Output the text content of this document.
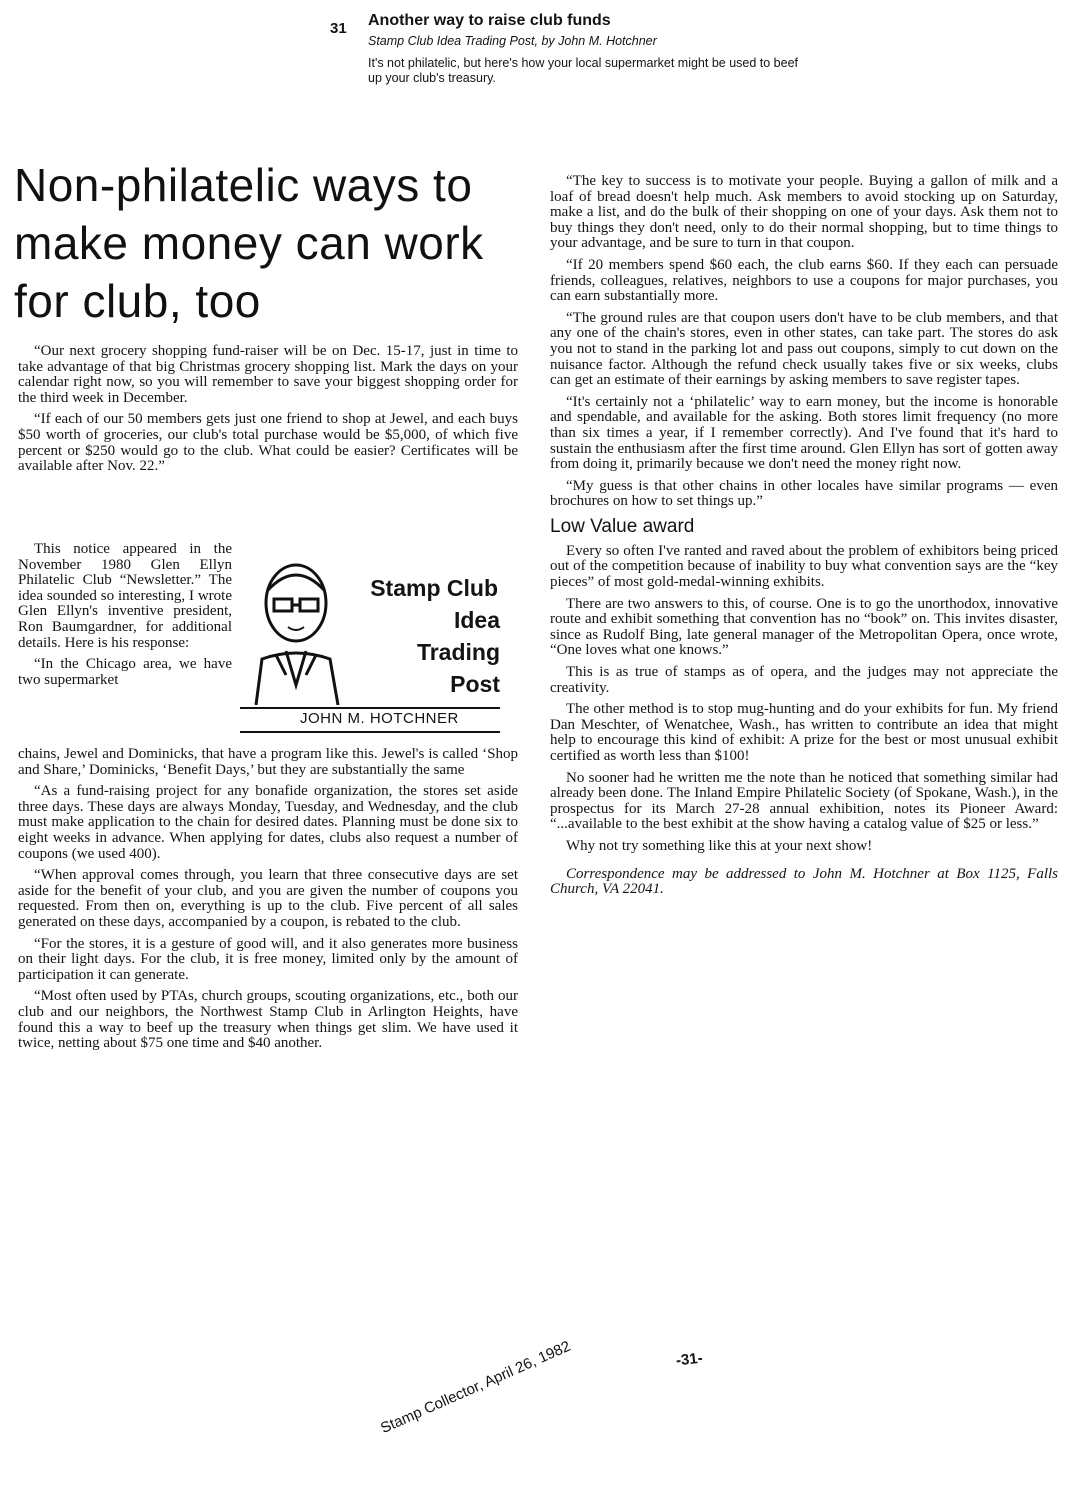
31 Another way to raise club funds
Stamp Club Idea Trading Post, by John M. Hotchner
It's not philatelic, but here's how your local supermarket might be used to beef up your club's treasury.
Non-philatelic ways to make money can work for club, too

“Our next grocery shopping fund-raiser will be on Dec. 15-17, just in time to take advantage of that big Christmas grocery shopping list. Mark the days on your calendar right now, so you will remember to save your biggest shopping order for the third week in December.

“If each of our 50 members gets just one friend to shop at Jewel, and each buys $50 worth of groceries, our club's total purchase would be $5,000, of which five percent or $250 would go to the club. What could be easier? Certificates will be available after Nov. 22.”

This notice appeared in the November 1980 Glen Ellyn Philatelic Club “Newsletter.” The idea sounded so interesting, I wrote Glen Ellyn's inventive president, Ron Baumgardner, for additional details. Here is his response:

“In the Chicago area, we have two supermarket

Stamp Club
Idea
Trading
Post
JOHN M. HOTCHNER

chains, Jewel and Dominicks, that have a program like this. Jewel's is called ‘Shop and Share,’ Dominicks, ‘Benefit Days,’ but they are substantially the same

“As a fund-raising project for any bonafide organization, the stores set aside three days. These days are always Monday, Tuesday, and Wednesday, and the club must make application to the chain for desired dates. Planning must be done six to eight weeks in advance. When applying for dates, clubs also request a number of coupons (we used 400).

“When approval comes through, you learn that three consecutive days are set aside for the benefit of your club, and you are given the number of coupons you requested. From then on, everything is up to the club. Five percent of all sales generated on these days, accompanied by a coupon, is rebated to the club.

“For the stores, it is a gesture of good will, and it also generates more business on their light days. For the club, it is free money, limited only by the amount of participation it can generate.

“Most often used by PTAs, church groups, scouting organizations, etc., both our club and our neighbors, the Northwest Stamp Club in Arlington Heights, have found this a way to beef up the treasury when things get slim. We have used it twice, netting about $75 one time and $40 another.

“The key to success is to motivate your people. Buying a gallon of milk and a loaf of bread doesn't help much. Ask members to avoid stocking up on Saturday, make a list, and do the bulk of their shopping on one of your days. Ask them not to buy things they don't need, only to do their normal shopping, but to time things to your advantage, and be sure to turn in that coupon.

“If 20 members spend $60 each, the club earns $60. If they each can persuade friends, colleagues, relatives, neighbors to use a coupons for major purchases, you can earn substantially more.

“The ground rules are that coupon users don't have to be club members, and that any one of the chain's stores, even in other states, can take part. The stores do ask you not to stand in the parking lot and pass out coupons, simply to cut down on the nuisance factor. Although the refund check usually takes five or six weeks, clubs can get an estimate of their earnings by asking members to save register tapes.

“It's certainly not a ‘philatelic’ way to earn money, but the income is honorable and spendable, and available for the asking. Both stores limit frequency (no more than six times a year, if I remember correctly). And I've found that it's hard to sustain the enthusiasm after the first time around. Glen Ellyn has sort of gotten away from doing it, primarily because we don't need the money right now.

“My guess is that other chains in other locales have similar programs — even brochures on how to set things up.”

Low Value award

Every so often I've ranted and raved about the problem of exhibitors being priced out of the competition because of inability to buy what convention says are the “key pieces” of most gold-medal-winning exhibits.

There are two answers to this, of course. One is to go the unorthodox, innovative route and exhibit something that convention has no “book” on. This invites disaster, since as Rudolf Bing, late general manager of the Metropolitan Opera, once wrote, “One loves what one knows.”

This is as true of stamps as of opera, and the judges may not appreciate the creativity.

The other method is to stop mug-hunting and do your exhibits for fun. My friend Dan Meschter, of Wenatchee, Wash., has written to contribute an idea that might help to encourage this kind of exhibit: A prize for the best or most unusual exhibit certified as worth less than $100!

No sooner had he written me the note than he noticed that something similar had already been done. The Inland Empire Philatelic Society (of Spokane, Wash.), in the prospectus for its March 27-28 annual exhibition, notes its Pioneer Award: “...available to the best exhibit at the show having a catalog value of $25 or less.”

Why not try something like this at your next show!

Correspondence may be addressed to John M. Hotchner at Box 1125, Falls Church, VA 22041.

-31-
Stamp Collector, April 26, 1982
